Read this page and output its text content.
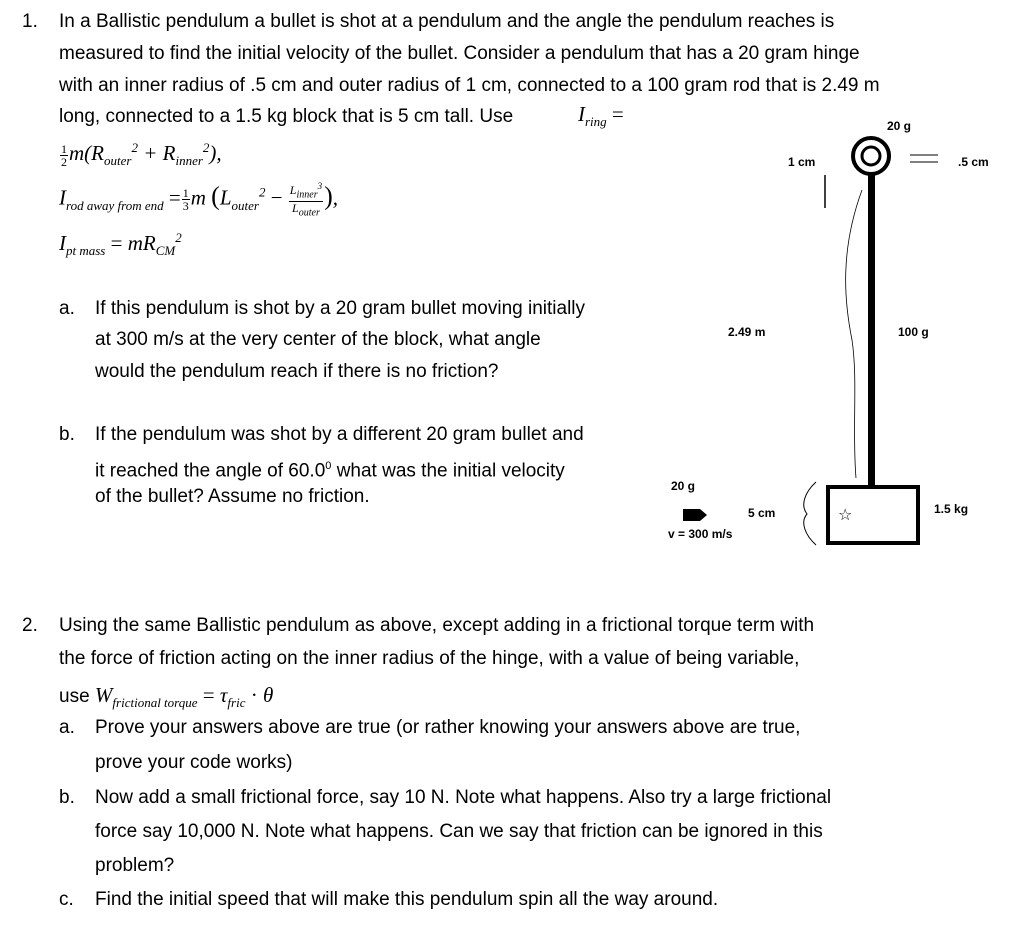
1. In a Ballistic pendulum a bullet is shot at a pendulum and the angle the pendulum reaches is
measured to find the initial velocity of the bullet. Consider a pendulum that has a 20 gram hinge
with an inner radius of .5 cm and outer radius of 1 cm, connected to a 100 gram rod that is 2.49 m
long, connected to a 1.5 kg block that is 5 cm tall. Use	$I_{ring}$ =
$\frac{1}{2} m(R_{outer}^2 + R_{inner}^2)$,
$I_{rod away from end} = \frac{1}{3}$ m ($L_{outer}^2 - \frac{L_{inner}^3}{L_{outer}}$ ),
$I_{pt mass} = mR_{CM}^2$
a. If this pendulum is shot by a 20 gram bullet moving initially
at 300 m/s at the very center of the block, what angle
would the pendulum reach if there is no friction?
b. If the pendulum was shot by a different 20 gram bullet and
it reached the angle of 60.0$^0$ what was the initial velocity
of the bullet? Assume no friction.
20 g
1 cm	.5 cm
2.49 m	100 g
20 g
5 cm
v = 300 m/s
1.5 kg
☆
2. Using the same Ballistic pendulum as above, except adding in a frictional torque term with
the force of friction acting on the inner radius of the hinge, with a value of being variable,
use $W_{frictional torque} = \tau_{fric} \cdot \theta$
a. Prove your answers above are true (or rather knowing your answers above are true,
prove your code works)
b. Now add a small frictional force, say 10 N. Note what happens. Also try a large frictional
force say 10,000 N. Note what happens. Can we say that friction can be ignored in this
problem?
c. Find the initial speed that will make this pendulum spin all the way around.
